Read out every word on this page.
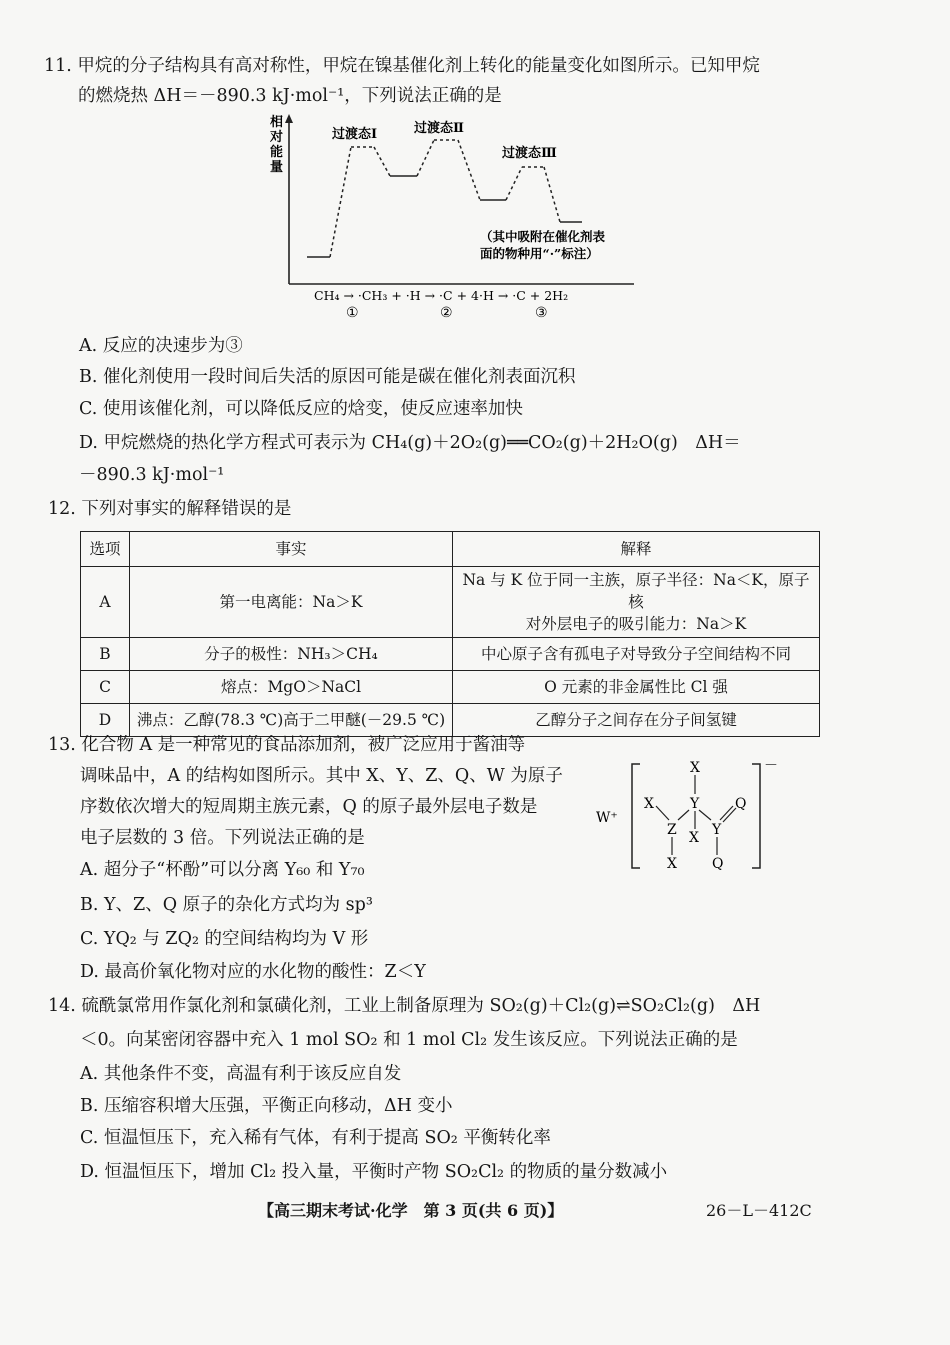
11. 甲烷的分子结构具有高对称性，甲烷在镍基催化剂上转化的能量变化如图所示。已知甲烷
的燃烧热 ΔH＝－890.3 kJ·mol⁻¹，下列说法正确的是
相
对
能
量
过渡态Ⅰ	过渡态Ⅱ
过渡态Ⅲ
（其中吸附在催化剂表
面的物种用“·”标注）
CH₄ → ·CH₃ + ·H → ·C + 4·H → ·C + 2H₂
①	②	③
A. 反应的决速步为③
B. 催化剂使用一段时间后失活的原因可能是碳在催化剂表面沉积
C. 使用该催化剂，可以降低反应的焓变，使反应速率加快
D. 甲烷燃烧的热化学方程式可表示为 CH₄(g)＋2O₂(g)══CO₂(g)＋2H₂O(g)　ΔH＝
－890.3 kJ·mol⁻¹
12. 下列对事实的解释错误的是
选项	事实	解释
A	第一电离能：Na＞K	Na 与 K 位于同一主族，原子半径：Na＜K，原子核
对外层电子的吸引能力：Na＞K

B	分子的极性：NH₃＞CH₄	中心原子含有孤电子对导致分子空间结构不同
C	熔点：MgO＞NaCl	O 元素的非金属性比 Cl 强
D	沸点：乙醇(78.3 ℃)高于二甲醚(－29.5 ℃)	乙醇分子之间存在分子间氢键
13. 化合物 A 是一种常见的食品添加剂，被广泛应用于酱油等
调味品中，A 的结构如图所示。其中 X、Y、Z、Q、W 为原子
序数依次增大的短周期主族元素，Q 的原子最外层电子数是
电子层数的 3 倍。下列说法正确的是
A. 超分子“杯酚”可以分离 Y₆₀ 和 Y₇₀
B. Y、Z、Q 原子的杂化方式均为 sp³
C. YQ₂ 与 ZQ₂ 的空间结构均为 V 形
D. 最高价氧化物对应的水化物的酸性：Z＜Y
W⁺
－
X
Y
X	Q
Z	Y
X
X	Q
14. 硫酰氯常用作氯化剂和氯磺化剂，工业上制备原理为 SO₂(g)＋Cl₂(g)⇌SO₂Cl₂(g)　ΔH
＜0。向某密闭容器中充入 1 mol SO₂ 和 1 mol Cl₂ 发生该反应。下列说法正确的是
A. 其他条件不变，高温有利于该反应自发
B. 压缩容积增大压强，平衡正向移动，ΔH 变小
C. 恒温恒压下，充入稀有气体，有利于提高 SO₂ 平衡转化率
D. 恒温恒压下，增加 Cl₂ 投入量，平衡时产物 SO₂Cl₂ 的物质的量分数减小
【高三期末考试·化学　第 3 页(共 6 页)】	26－L－412C
